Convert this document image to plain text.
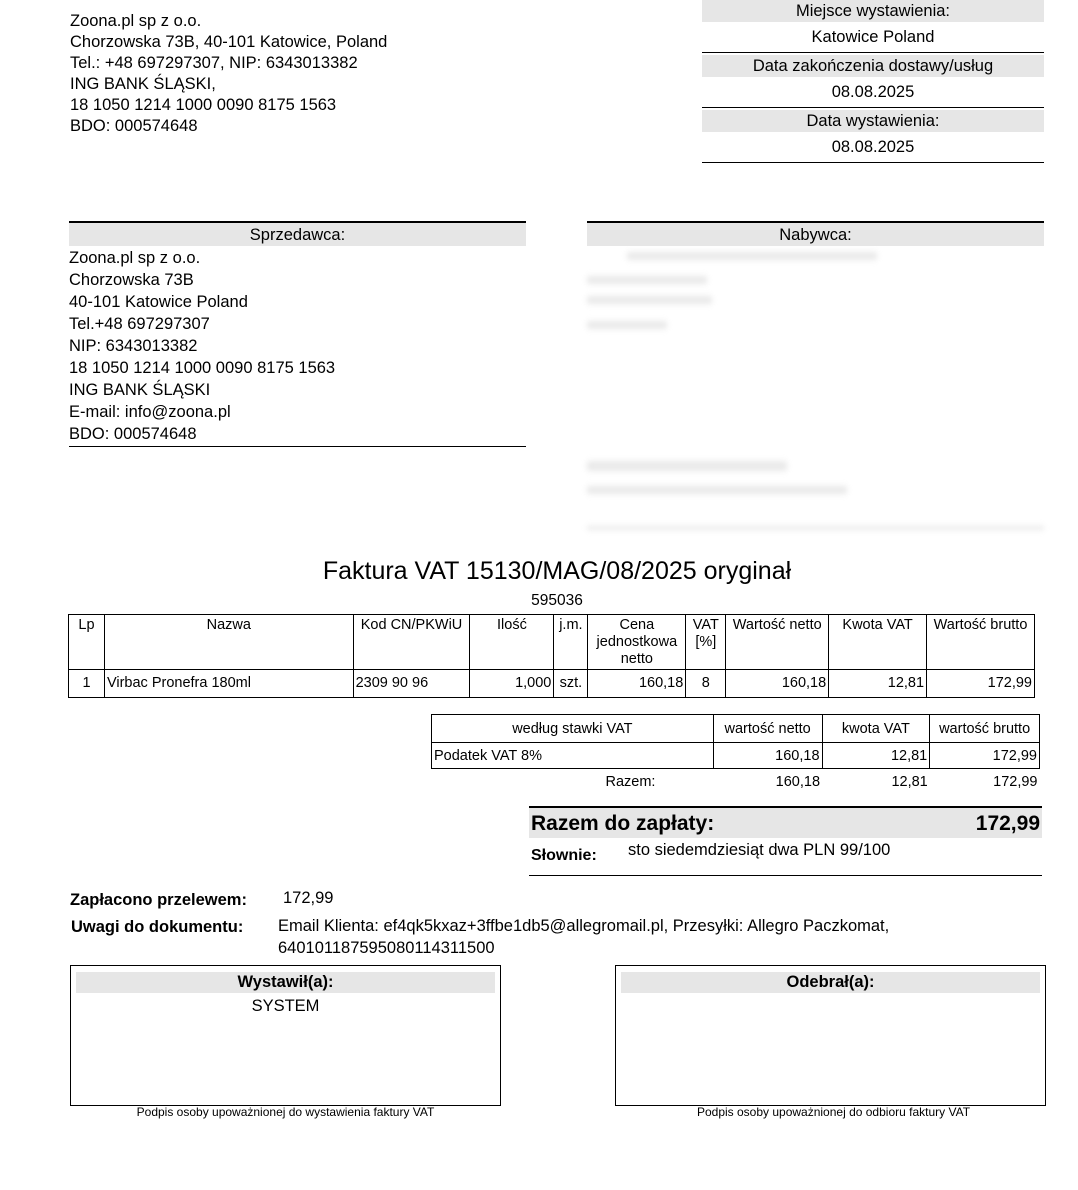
Zoona.pl sp z o.o.
Chorzowska 73B, 40-101 Katowice, Poland
Tel.: +48 697297307, NIP: 6343013382
ING BANK ŚLĄSKI,
18 1050 1214 1000 0090 8175 1563
BDO: 000574648
Miejsce wystawienia:
Katowice Poland
Data zakończenia dostawy/usług
08.08.2025
Data wystawienia:
08.08.2025
Sprzedawca:
Zoona.pl sp z o.o.
Chorzowska 73B
40-101 Katowice Poland
Tel.+48 697297307
NIP: 6343013382
18 1050 1214 1000 0090 8175 1563
ING BANK ŚLĄSKI
E-mail: info@zoona.pl
BDO: 000574648
Nabywca:
Faktura VAT 15130/MAG/08/2025 oryginał
595036
Lp	Nazwa	Kod CN/PKWiU	Ilość	j.m.	Cena jednostkowa netto	VAT [%]	Wartość netto	Kwota VAT	Wartość brutto
1	Virbac Pronefra 180ml	2309 90 96	1,000	szt.	160,18	8	160,18	12,81	172,99
według stawki VAT	wartość netto	kwota VAT	wartość brutto
Podatek VAT 8%	160,18	12,81	172,99
Razem:	160,18	12,81	172,99
Razem do zapłaty:	172,99
Słownie: sto siedemdziesiąt dwa PLN 99/100
Zapłacono przelewem: 172,99
Uwagi do dokumentu: Email Klienta: ef4qk5kxaz+3ffbe1db5@allegromail.pl, Przesyłki: Allegro Paczkomat,
640101187595080114311500
Wystawił(a):
SYSTEM
Podpis osoby upoważnionej do wystawienia faktury VAT
Odebrał(a):
Podpis osoby upoważnionej do odbioru faktury VAT
